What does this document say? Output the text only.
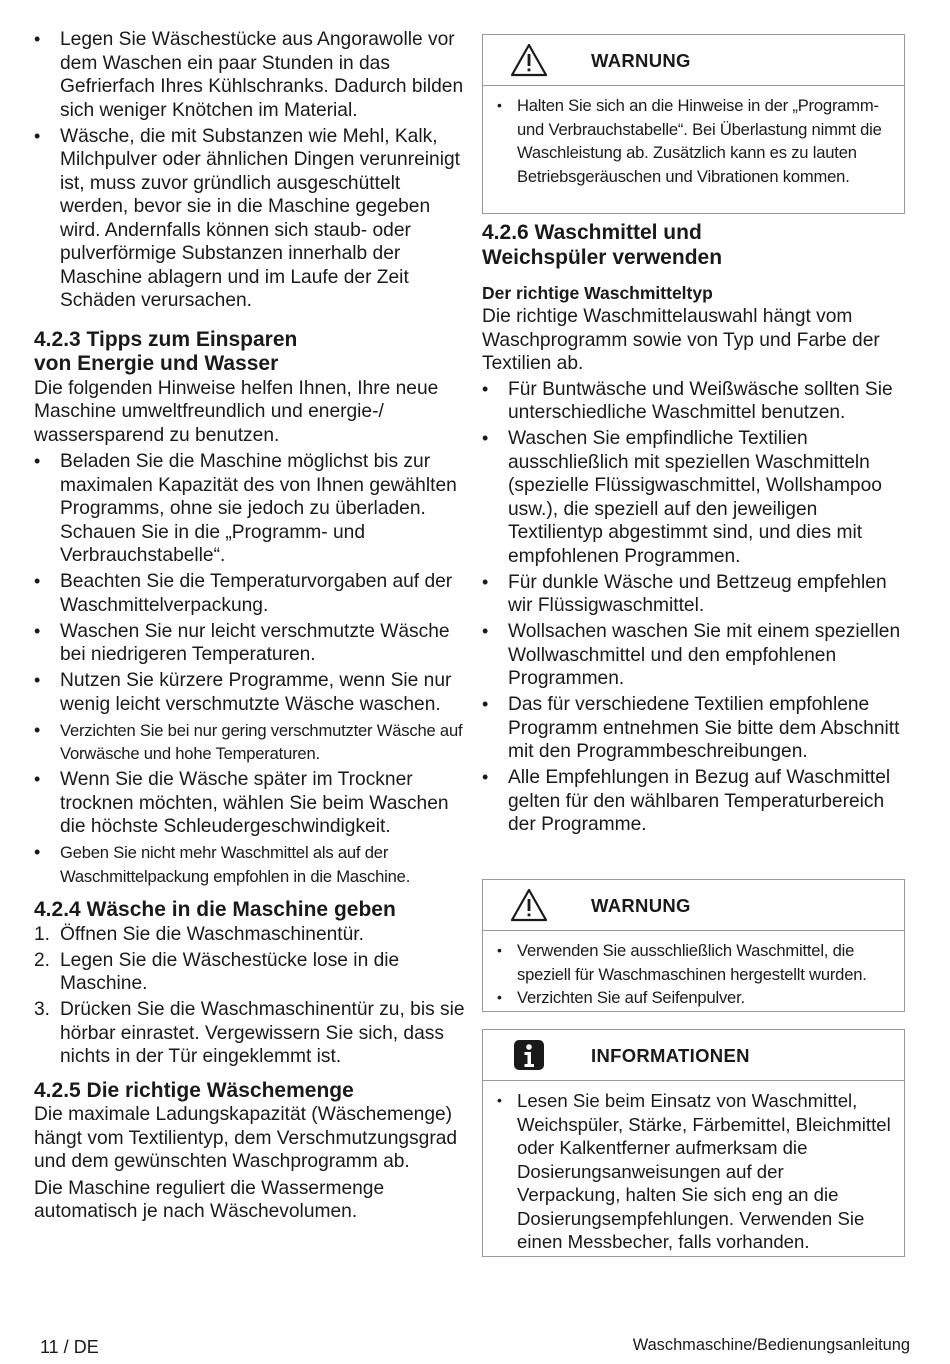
• Legen Sie Wäschestücke aus Angorawolle vor dem Waschen ein paar Stunden in das Gefrierfach Ihres Kühlschranks. Dadurch bilden sich weniger Knötchen im Material.
• Wäsche, die mit Substanzen wie Mehl, Kalk, Milchpulver oder ähnlichen Dingen verunreinigt ist, muss zuvor gründlich ausgeschüttelt werden, bevor sie in die Maschine gegeben wird. Andernfalls können sich staub- oder pulverförmige Substanzen innerhalb der Maschine ablagern und im Laufe der Zeit Schäden verursachen.
4.2.3 Tipps zum Einsparen
von Energie und Wasser

Die folgenden Hinweise helfen Ihnen, Ihre neue Maschine umweltfreundlich und energie-/ wassersparend zu benutzen.

• Beladen Sie die Maschine möglichst bis zur maximalen Kapazität des von Ihnen gewählten Programms, ohne sie jedoch zu überladen. Schauen Sie in die „Programm- und Verbrauchstabelle“.
• Beachten Sie die Temperaturvorgaben auf der Waschmittelverpackung.
• Waschen Sie nur leicht verschmutzte Wäsche bei niedrigeren Temperaturen.
• Nutzen Sie kürzere Programme, wenn Sie nur wenig leicht verschmutzte Wäsche waschen.
• Verzichten Sie bei nur gering verschmutzter Wäsche auf Vorwäsche und hohe Temperaturen.
• Wenn Sie die Wäsche später im Trockner trocknen möchten, wählen Sie beim Waschen die höchste Schleudergeschwindigkeit.
• Geben Sie nicht mehr Waschmittel als auf der Waschmittelpackung empfohlen in die Maschine.
4.2.4 Wäsche in die Maschine geben
1. Öffnen Sie die Waschmaschinentür.
2. Legen Sie die Wäschestücke lose in die Maschine.
3. Drücken Sie die Waschmaschinentür zu, bis sie hörbar einrastet. Vergewissern Sie sich, dass nichts in der Tür eingeklemmt ist.
4.2.5 Die richtige Wäschemenge

Die maximale Ladungskapazität (Wäschemenge) hängt vom Textilientyp, dem Verschmutzungsgrad und dem gewünschten Waschprogramm ab.

Die Maschine reguliert die Wassermenge automatisch je nach Wäschevolumen.

WARNUNG
• Halten Sie sich an die Hinweise in der „Programm- und Verbrauchstabelle“. Bei Überlastung nimmt die Waschleistung ab. Zusätzlich kann es zu lauten Betriebsgeräuschen und Vibrationen kommen.
4.2.6 Waschmittel und
Weichspüler verwenden
Der richtige Waschmitteltyp

Die richtige Waschmittelauswahl hängt vom Waschprogramm sowie von Typ und Farbe der Textilien ab.

• Für Buntwäsche und Weißwäsche sollten Sie unterschiedliche Waschmittel benutzen.
• Waschen Sie empfindliche Textilien ausschließlich mit speziellen Waschmitteln (spezielle Flüssigwaschmittel, Wollshampoo usw.), die speziell auf den jeweiligen Textilientyp abgestimmt sind, und dies mit empfohlenen Programmen.
• Für dunkle Wäsche und Bettzeug empfehlen wir Flüssigwaschmittel.
• Wollsachen waschen Sie mit einem speziellen Wollwaschmittel und den empfohlenen Programmen.
• Das für verschiedene Textilien empfohlene Programm entnehmen Sie bitte dem Abschnitt mit den Programmbeschreibungen.
• Alle Empfehlungen in Bezug auf Waschmittel gelten für den wählbaren Temperaturbereich der Programme.
WARNUNG
• Verwenden Sie ausschließlich Waschmittel, die speziell für Waschmaschinen hergestellt wurden.
• Verzichten Sie auf Seifenpulver.
INFORMATIONEN
• Lesen Sie beim Einsatz von Waschmittel, Weichspüler, Stärke, Färbemittel, Bleichmittel oder Kalkentferner aufmerksam die Dosierungsanweisungen auf der Verpackung, halten Sie sich eng an die Dosierungsempfehlungen. Verwenden Sie einen Messbecher, falls vorhanden.
11 / DE	Waschmaschine/Bedienungsanleitung
